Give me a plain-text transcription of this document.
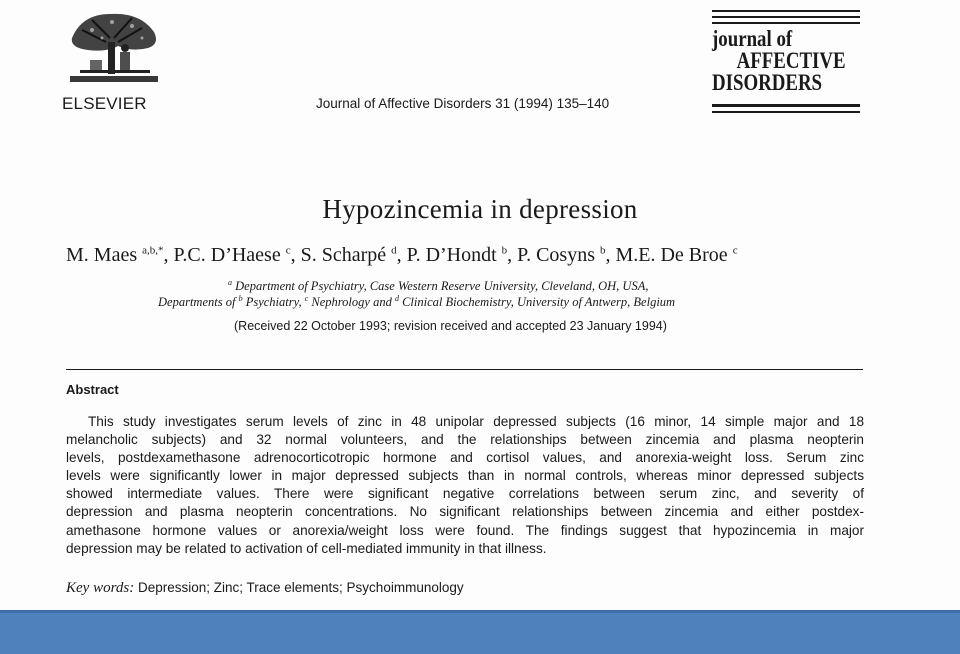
ELSEVIER	Journal of Affective Disorders 31 (1994) 135–140
journal of
AFFECTIVE
DISORDERS
Hypozincemia in depression
M. Maes $^{a,b,*}$, P.C. D’Haese $^c$, S. Scharpé $^d$, P. D’Hondt $^b$, P. Cosyns $^b$, M.E. De Broe $^c$
$^a$ Department of Psychiatry, Case Western Reserve University, Cleveland, OH, USA,
Departments of $^b$ Psychiatry, $^c$ Nephrology and $^d$ Clinical Biochemistry, University of Antwerp, Belgium
(Received 22 October 1993; revision received and accepted 23 January 1994)
Abstract
This study investigates serum levels of zinc in 48 unipolar depressed subjects (16 minor, 14 simple major and 18
melancholic subjects) and 32 normal volunteers, and the relationships between zincemia and plasma neopterin
levels, postdexamethasone adrenocorticotropic hormone and cortisol values, and anorexia-weight loss. Serum zinc
levels were significantly lower in major depressed subjects than in normal controls, whereas minor depressed subjects
showed intermediate values. There were significant negative correlations between serum zinc, and severity of
depression and plasma neopterin concentrations. No significant relationships between zincemia and either postdex-
amethasone hormone values or anorexia/weight loss were found. The findings suggest that hypozincemia in major
depression may be related to activation of cell-mediated immunity in that illness.
Key words: Depression; Zinc; Trace elements; Psychoimmunology
